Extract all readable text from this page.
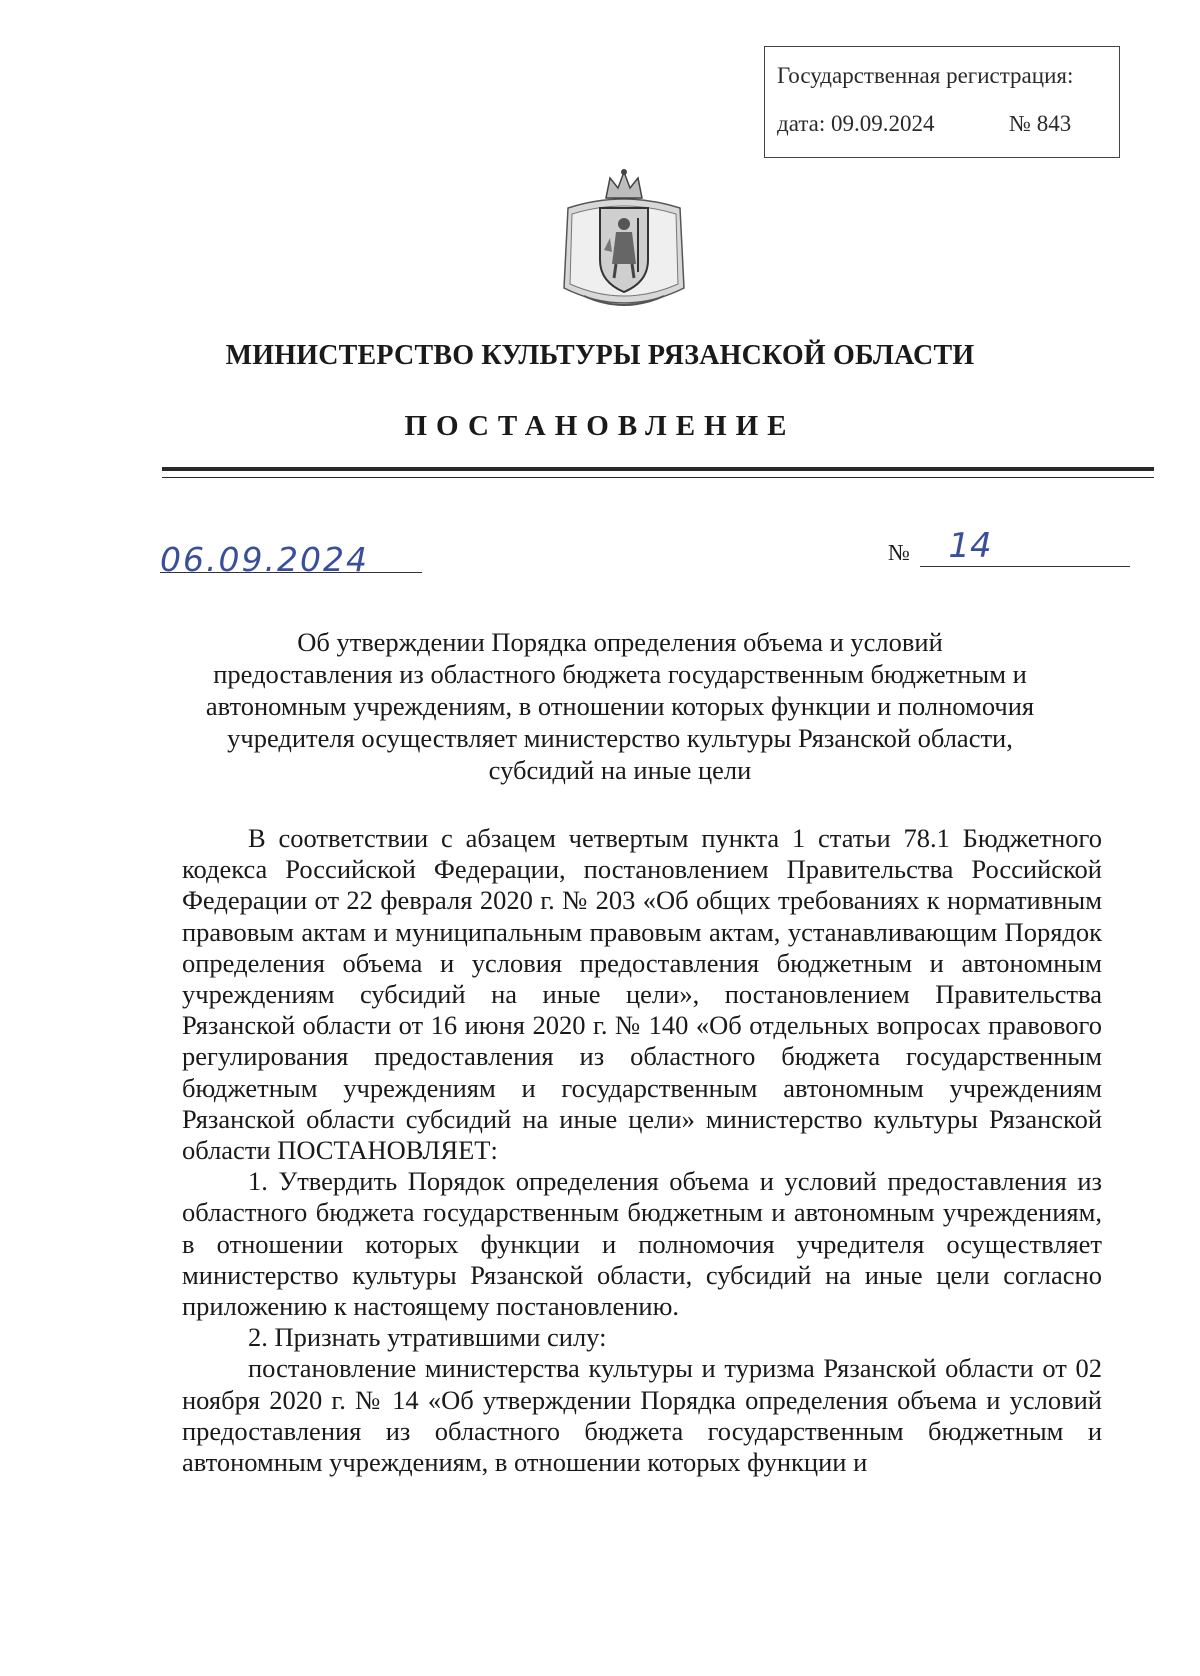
Государственная регистрация:
дата: 09.09.2024	№ 843
МИНИСТЕРСТВО КУЛЬТУРЫ РЯЗАНСКОЙ ОБЛАСТИ
ПОСТАНОВЛЕНИЕ
06.09.2024	№	14
Об утверждении Порядка определения объема и условий
предоставления из областного бюджета государственным бюджетным и
автономным учреждениям, в отношении которых функции и полномочия
учредителя осуществляет министерство культуры Рязанской области,
субсидий на иные цели

В соответствии с абзацем четвертым пункта 1 статьи 78.1 Бюджетного кодекса Российской Федерации, постановлением Правительства Российской Федерации от 22 февраля 2020 г. № 203 «Об общих требованиях к нормативным правовым актам и муниципальным правовым актам, устанавливающим Порядок определения объема и условия предоставления бюджетным и автономным учреждениям субсидий на иные цели», постановлением Правительства Рязанской области от 16 июня 2020 г. № 140 «Об отдельных вопросах правового регулирования предоставления из областного бюджета государственным бюджетным учреждениям и государственным автономным учреждениям Рязанской области субсидий на иные цели» министерство культуры Рязанской области ПОСТАНОВЛЯЕТ:

1. Утвердить Порядок определения объема и условий предоставления из областного бюджета государственным бюджетным и автономным учреждениям, в отношении которых функции и полномочия учредителя осуществляет министерство культуры Рязанской области, субсидий на иные цели согласно приложению к настоящему постановлению.

2. Признать утратившими силу:

постановление министерства культуры и туризма Рязанской области от 02 ноября 2020 г. № 14 «Об утверждении Порядка определения объема и условий предоставления из областного бюджета государственным бюджетным и автономным учреждениям, в отношении которых функции и
